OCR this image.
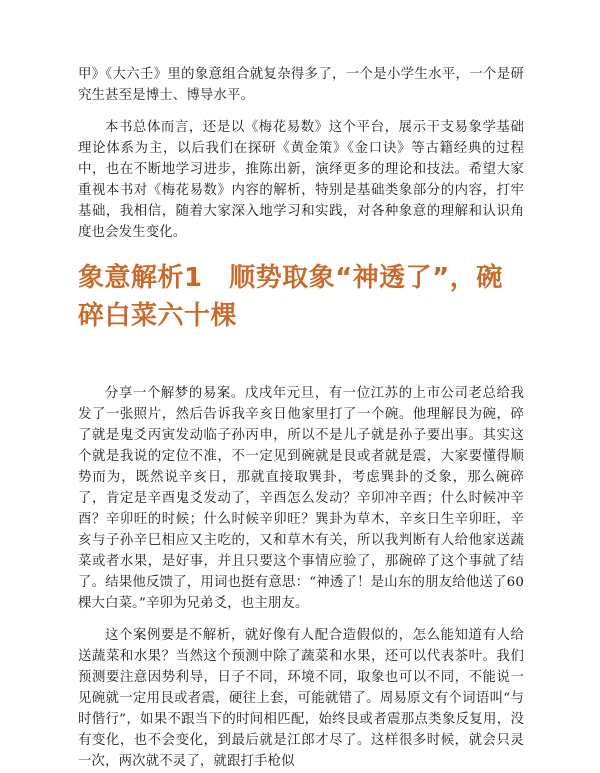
甲》《大六壬》里的象意组合就复杂得多了，一个是小学生水平，一个是研究生甚至是博士、博导水平。

本书总体而言，还是以《梅花易数》这个平台，展示干支易象学基础理论体系为主，以后我们在探研《黄金策》《金口诀》等古籍经典的过程中，也在不断地学习进步，推陈出新，演绎更多的理论和技法。希望大家重视本书对《梅花易数》内容的解析，特别是基础类象部分的内容，打牢基础，我相信，随着大家深入地学习和实践，对各种象意的理解和认识角度也会发生变化。

象意解析1　顺势取象“神透了”，碗碎白菜六十棵

分享一个解梦的易案。戊戌年元旦，有一位江苏的上市公司老总给我发了一张照片，然后告诉我辛亥日他家里打了一个碗。他理解艮为碗，碎了就是鬼爻丙寅发动临子孙丙申，所以不是儿子就是孙子要出事。其实这个就是我说的定位不准，不一定见到碗就是艮或者就是震，大家要懂得顺势而为，既然说辛亥日，那就直接取巽卦，考虑巽卦的爻象，那么碗碎了，肯定是辛酉鬼爻发动了，辛酉怎么发动？辛卯冲辛酉；什么时候冲辛酉？辛卯旺的时候；什么时候辛卯旺？巽卦为草木，辛亥日生辛卯旺，辛亥与子孙辛巳相应又主吃的，又和草木有关，所以我判断有人给他家送蔬菜或者水果，是好事，并且只要这个事情应验了，那碗碎了这个事就了结了。结果他反馈了，用词也挺有意思：“神透了！是山东的朋友给他送了60棵大白菜。”辛卯为兄弟爻，也主朋友。

这个案例要是不解析，就好像有人配合造假似的，怎么能知道有人给送蔬菜和水果？当然这个预测中除了蔬菜和水果，还可以代表茶叶。我们预测要注意因势利导，日子不同，环境不同，取象也可以不同，不能说一见碗就一定用艮或者震，硬往上套，可能就错了。周易原文有个词语叫“与时偕行”，如果不跟当下的时间相匹配，始终艮或者震那点类象反复用，没有变化，也不会变化，到最后就是江郎才尽了。这样很多时候，就会只灵一次，两次就不灵了，就跟打手枪似
